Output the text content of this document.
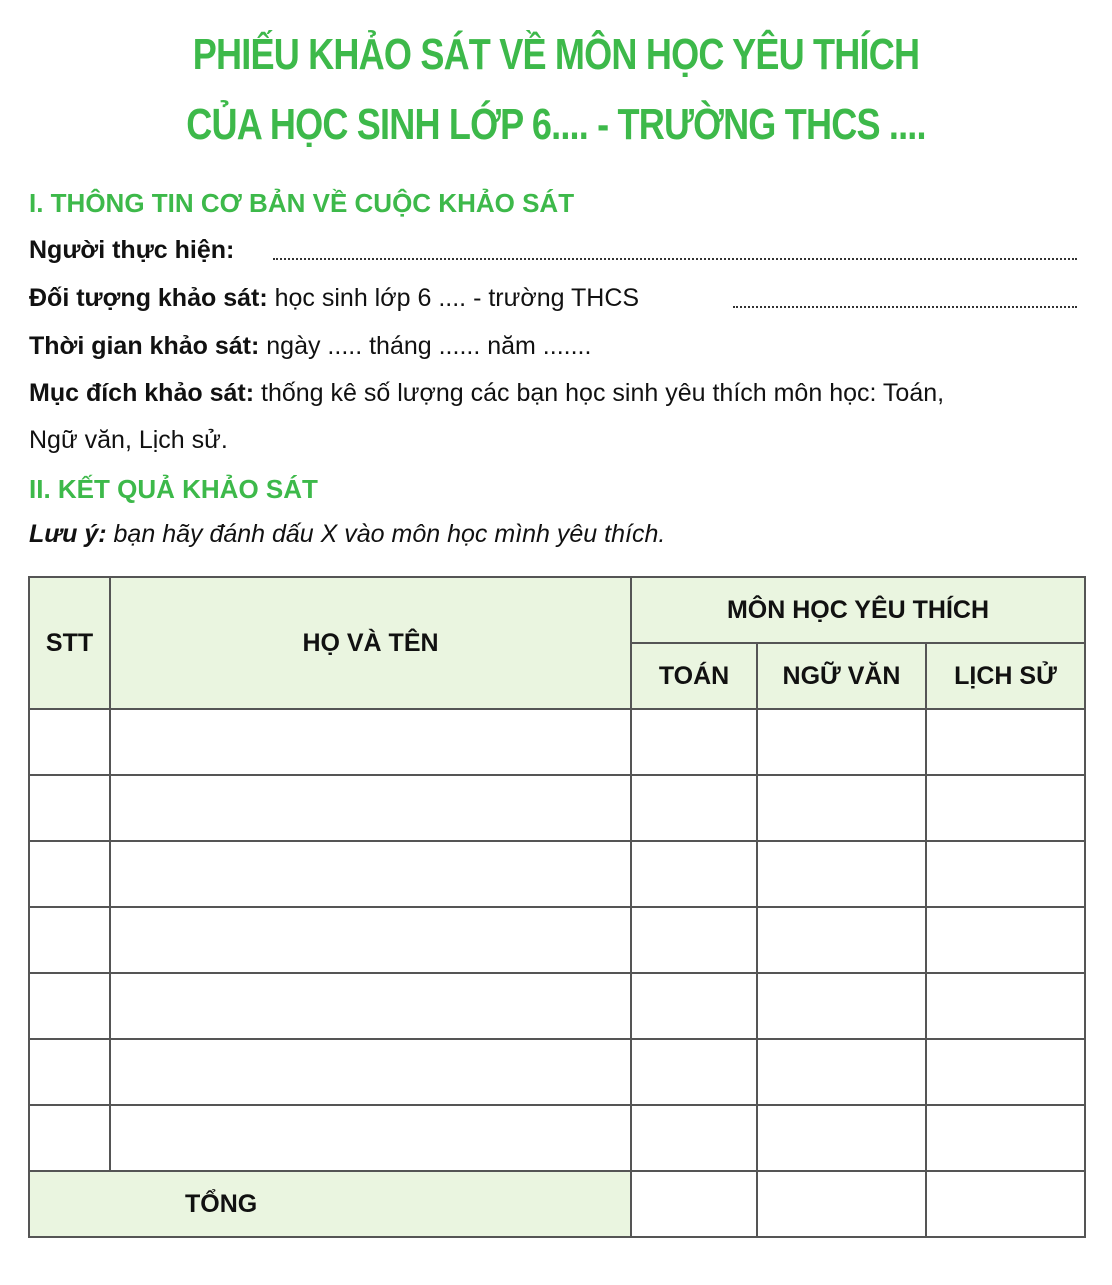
PHIẾU KHẢO SÁT VỀ MÔN HỌC YÊU THÍCH
CỦA HỌC SINH LỚP 6.... - TRƯỜNG THCS ....
I. THÔNG TIN CƠ BẢN VỀ CUỘC KHẢO SÁT
Người thực hiện:
Đối tượng khảo sát: học sinh lớp 6 .... - trường THCS
Thời gian khảo sát: ngày ..... tháng ...... năm .......
Mục đích khảo sát: thống kê số lượng các bạn học sinh yêu thích môn học: Toán,
Ngữ văn, Lịch sử.
II. KẾT QUẢ KHẢO SÁT
Lưu ý: bạn hãy đánh dấu X vào môn học mình yêu thích.
STT	HỌ VÀ TÊN	MÔN HỌC YÊU THÍCH		
		TOÁN	NGỮ VĂN	LỊCH SỬ

TỔNG				
